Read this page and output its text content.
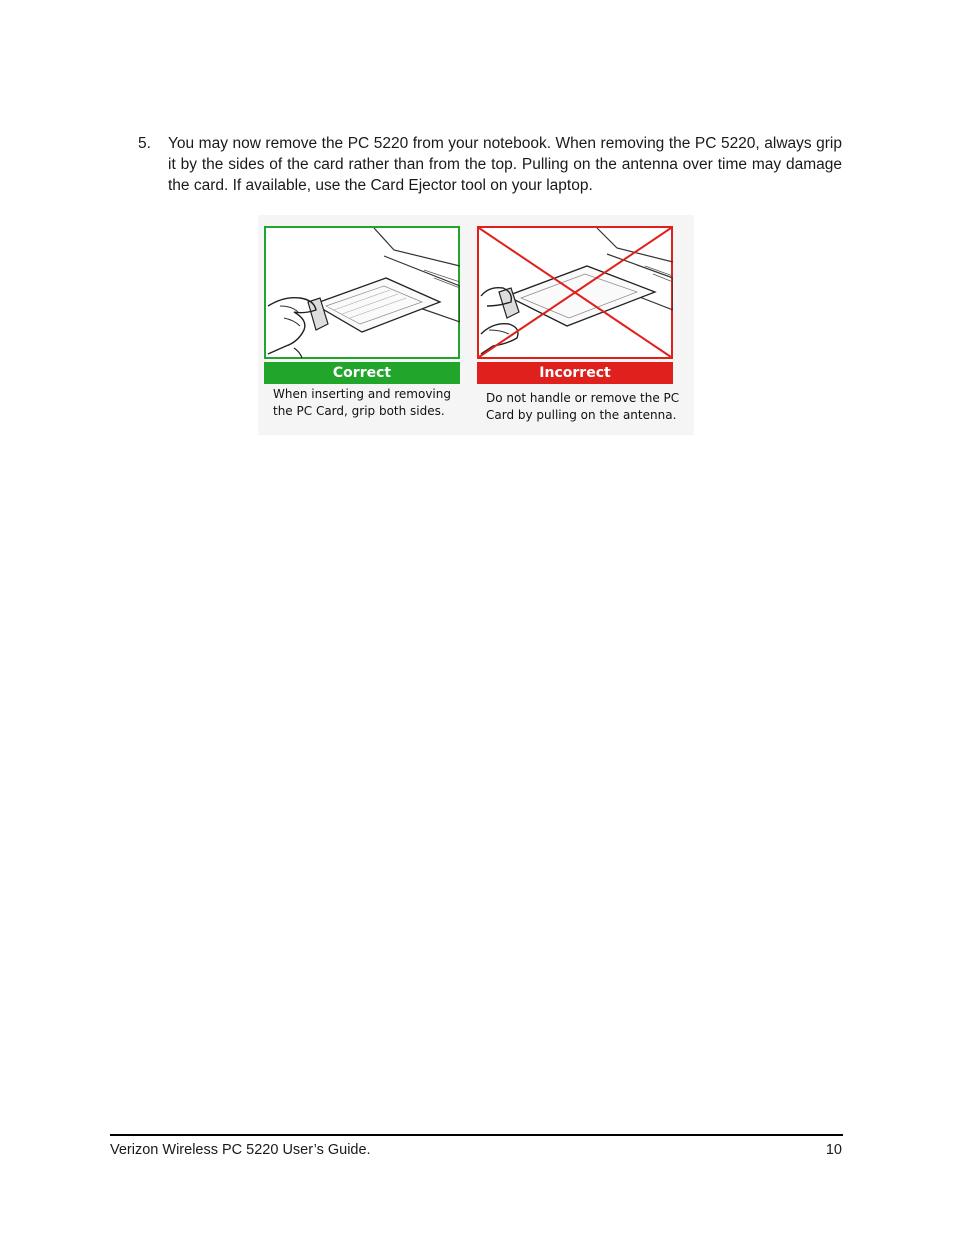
5. You may now remove the PC 5220 from your notebook. When removing the PC 5220, always grip it by the sides of the card rather than from the top. Pulling on the antenna over time may damage the card. If available, use the Card Ejector tool on your laptop.
Correct
When inserting and removing
the PC Card, grip both sides.
Incorrect
Do not handle or remove the PC
Card by pulling on the antenna.
Verizon Wireless PC 5220 User’s Guide.	10
